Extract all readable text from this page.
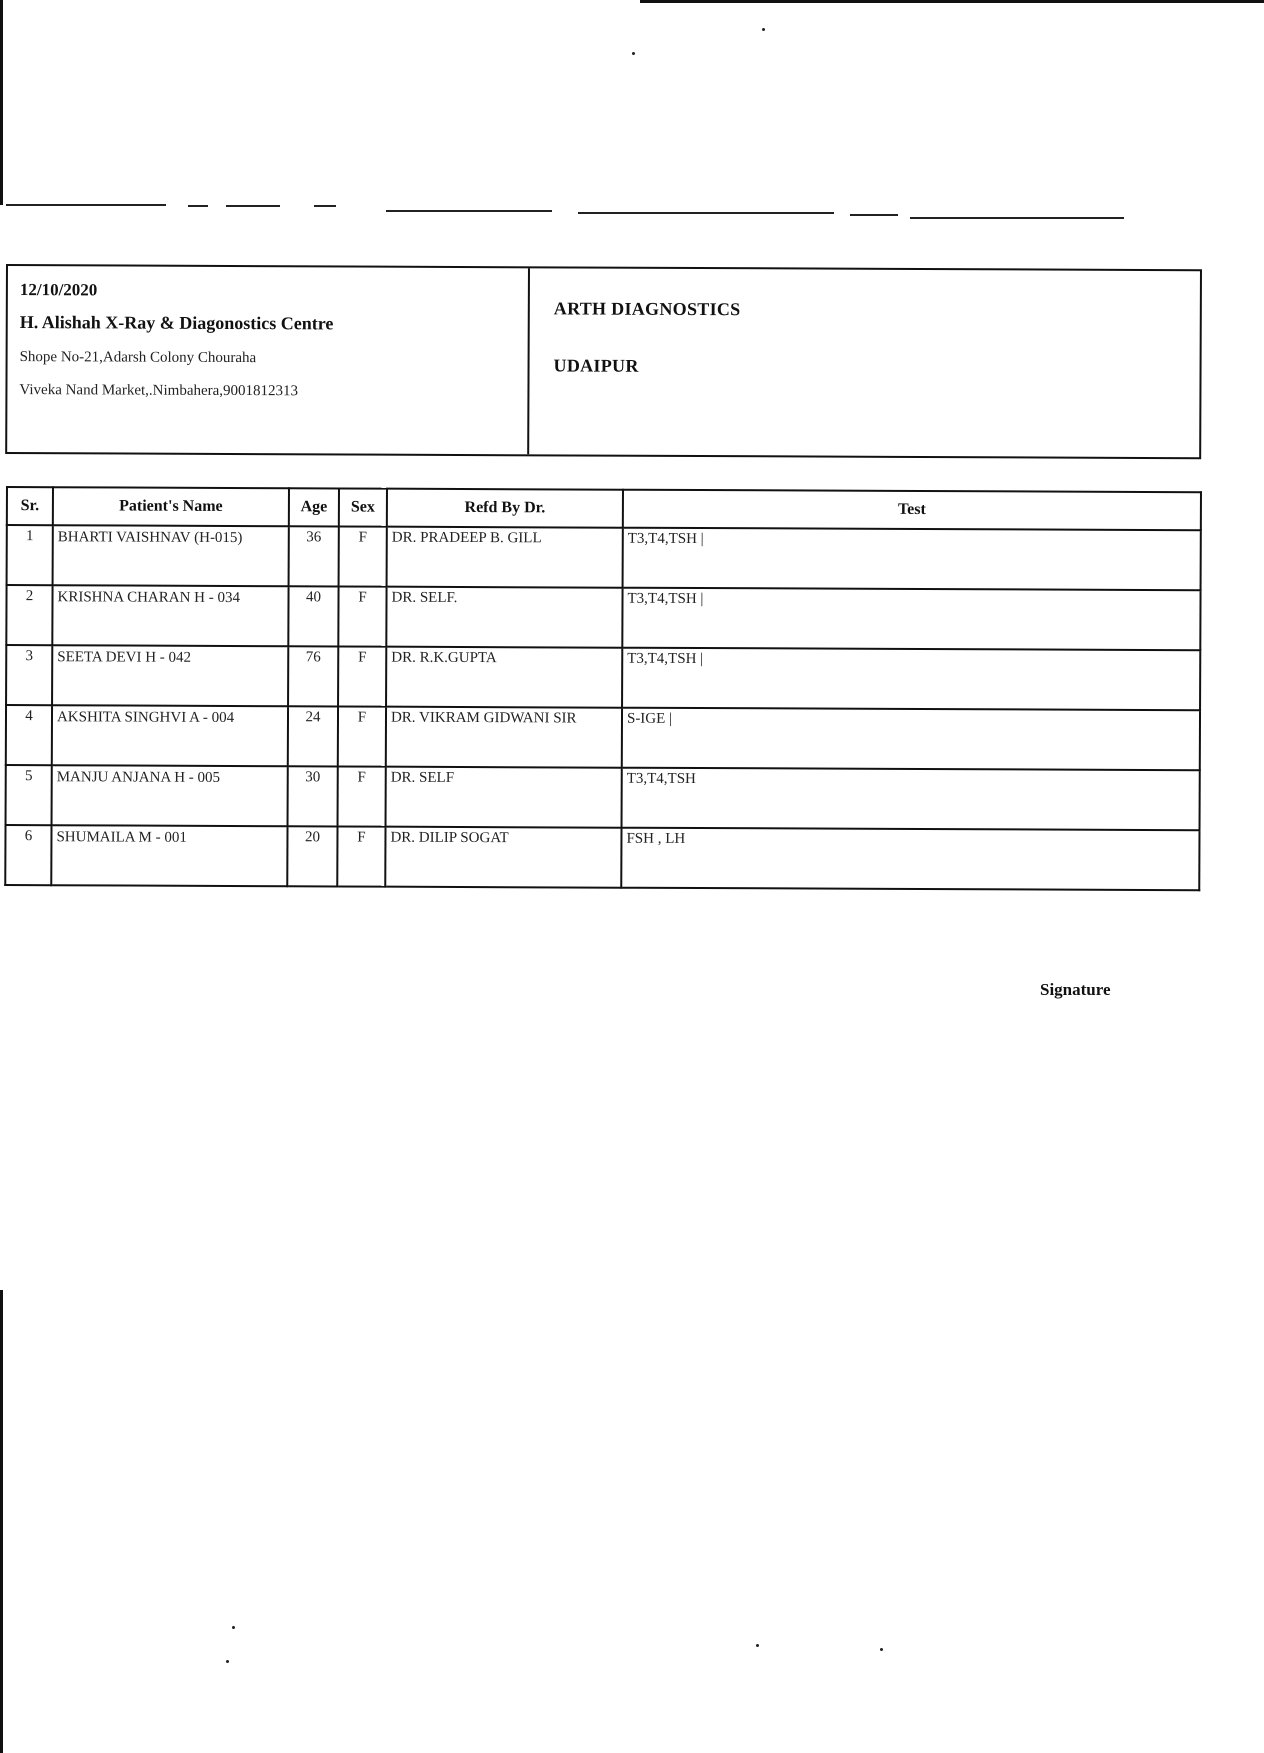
12/10/2020
H. Alishah X-Ray & Diagonostics Centre
Shope No-21,Adarsh Colony Chouraha
Viveka Nand Market,.Nimbahera,9001812313
ARTH DIAGNOSTICS
UDAIPUR
Sr.	Patient's Name	Age	Sex	Refd By Dr.	Test
1	BHARTI VAISHNAV (H-015)	36	F	DR. PRADEEP B. GILL	T3,T4,TSH |
2	KRISHNA CHARAN H - 034	40	F	DR. SELF.	T3,T4,TSH |
3	SEETA DEVI H - 042	76	F	DR. R.K.GUPTA	T3,T4,TSH |
4	AKSHITA SINGHVI A - 004	24	F	DR. VIKRAM GIDWANI SIR	S-IGE |
5	MANJU ANJANA H - 005	30	F	DR. SELF	T3,T4,TSH
6	SHUMAILA M - 001	20	F	DR. DILIP SOGAT	FSH , LH
Signature
